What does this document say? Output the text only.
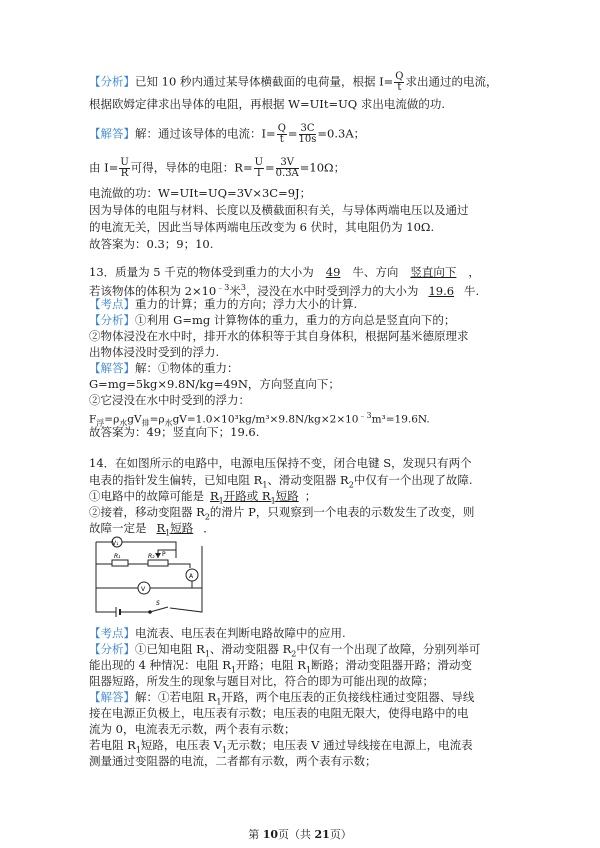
【分析】已知 10 秒内通过某导体横截面的电荷量，根据 $I= \frac{Q}{t}$ 求出通过的电流，
根据欧姆定律求出导体的电阻，再根据 W=UIt=UQ 求出电流做的功.
【解答】解：通过该导体的电流：$I= \frac{Q}{t} = \frac{3C}{10s} =0.3A$；
由 $I= \frac{U}{R}$ 可得，导体的电阻：$R= \frac{U}{I} = \frac{3V}{0.3A} =10\Omega$；
电流做的功：W=UIt=UQ=3V×3C=9J；
因为导体的电阻与材料、长度以及横截面积有关，与导体两端电压以及通过
的电流无关，因此当导体两端电压改变为 6 伏时，其电阻仍为 10Ω.
故答案为：0.3；9；10.
13．质量为 5 千克的物体受到重力的大小为 49 牛、方向 竖直向下 ，
若该物体的体积为 $2\times 10^{﹣3}$米$^3$，浸没在水中时受到浮力的大小为 19.6 牛.
【考点】重力的计算；重力的方向；浮力大小的计算.
【分析】①利用 G=mg 计算物体的重力，重力的方向总是竖直向下的；
②物体浸没在水中时，排开水的体积等于其自身体积，根据阿基米德原理求
出物体浸没时受到的浮力.
【解答】解：①物体的重力：
G=mg=5kg×9.8N/kg=49N，方向竖直向下；
②它浸没在水中时受到的浮力：
$F_浮=\rho_水gV_排=\rho_水gV=1.0\times 10^3kg/m^3\times 9.8N/kg\times 2\times 10^{﹣3}m^3=19.6N$.
故答案为：49；竖直向下；19.6.
14．在如图所示的电路中，电源电压保持不变，闭合电键 S，发现只有两个
电表的指针发生偏转，已知电阻 $R_1$、滑动变阻器 $R_2$中仅有一个出现了故障.
①电路中的故障可能是 $R_1$开路或 $R_1$短路 ；
②接着，移动变阻器 $R_2$的滑片 P，只观察到一个电表的示数发生了改变，则
故障一定是 $R_1$短路 ．
V₁
R₁	R₂ P
A
V
S
【考点】电流表、电压表在判断电路故障中的应用.
【分析】①已知电阻 $R_1$、滑动变阻器 $R_2$中仅有一个出现了故障，分别列举可
能出现的 4 种情况：电阻 $R_1$开路；电阻 $R_1$断路；滑动变阻器开路；滑动变
阻器短路，所发生的现象与题目对比，符合的即为可能出现的故障；
【解答】解：①若电阻 $R_1$开路，两个电压表的正负接线柱通过变阻器、导线
接在电源正负极上，电压表有示数；电压表的电阻无限大，使得电路中的电
流为 0，电流表无示数，两个表有示数；
若电阻 $R_1$短路，电压表 $V_1$无示数；电压表 V 通过导线接在电源上，电流表
测量通过变阻器的电流，二者都有示数，两个表有示数；
第 10页（共 21页）
